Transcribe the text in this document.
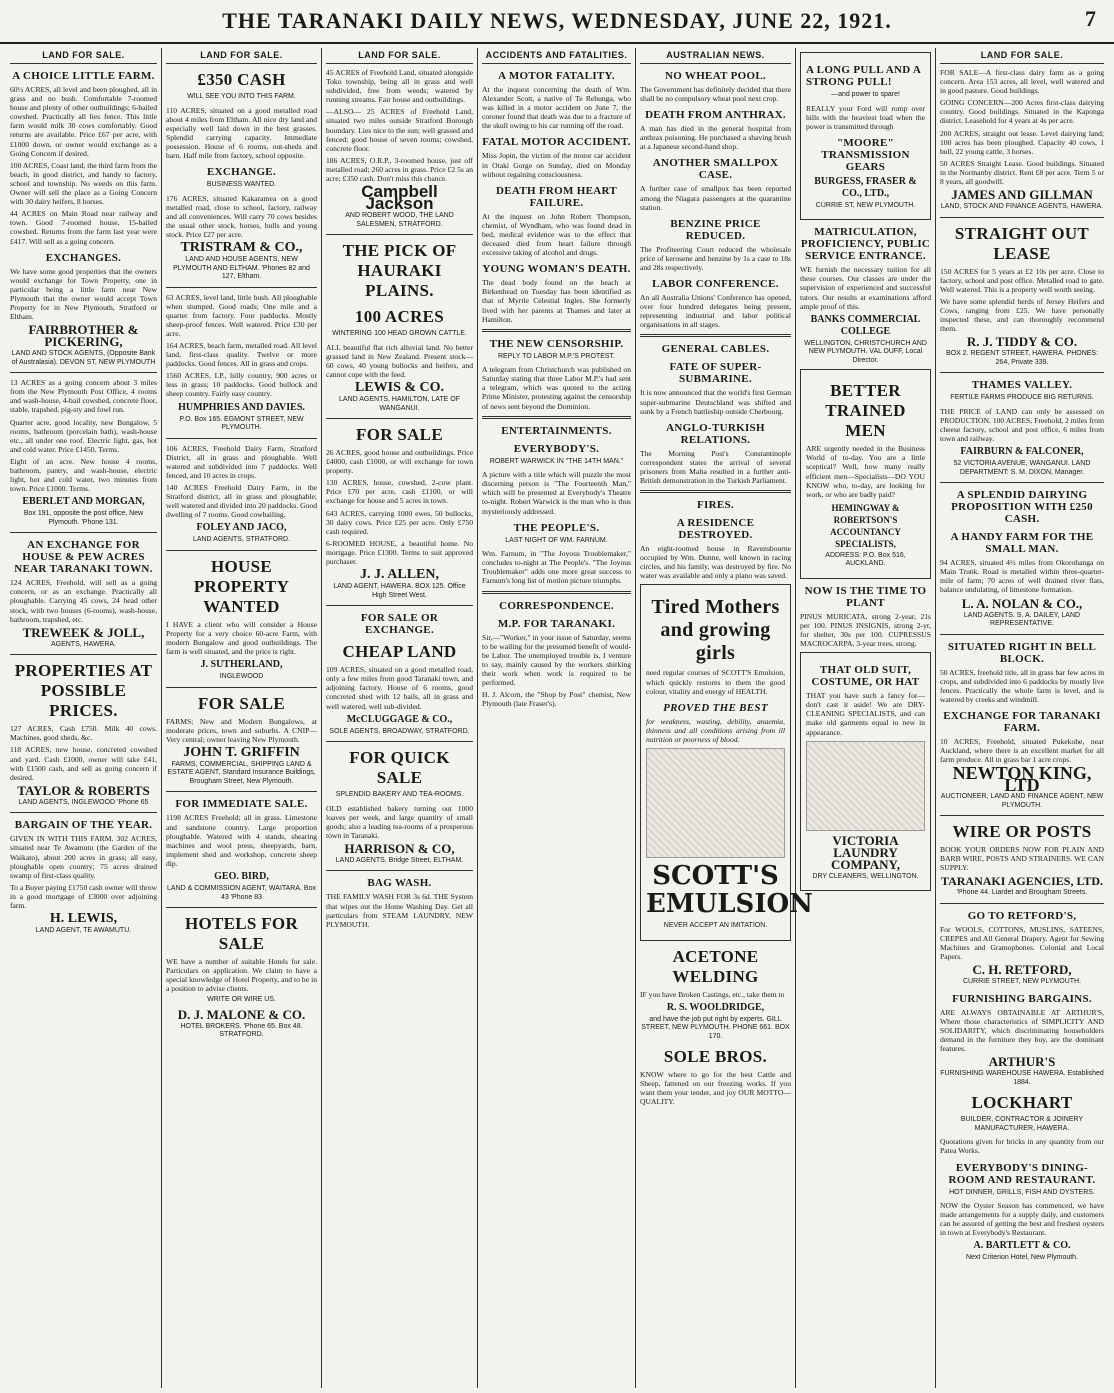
THE TARANAKI DAILY NEWS, WEDNESDAY, JUNE 22, 1921.	7
LAND FOR SALE.
A CHOICE LITTLE FARM.

60½ ACRES, all level and been ploughed, all in grass and no bush. Comfortable 7-roomed house and plenty of other outbuildings; 6-bailed cowshed. Practically all lies fence. This little farm would milk 30 cows comfortably. Good returns are available. Price £67 per acre, with £1000 down, or owner would exchange as a Going Concern if desired.

100 ACRES, Coast land, the third farm from the beach, in good district, and handy to factory, school and township. No weeds on this farm. Owner will sell the place as a Going Concern with 30 dairy heifers, 8 horses.

44 ACRES on Main Road near railway and town. Good 7-roomed house, 15-bailed cowshed. Returns from the farm last year were £417. Will sell as a going concern.

EXCHANGES.

We have some good properties that the owners would exchange for Town Property, one in particular being a little farm near New Plymouth that the owner would accept Town Property for in New Plymouth, Stratford or Eltham.

FAIRBROTHER & PICKERING,
LAND AND STOCK AGENTS, (Opposite Bank of Australasia). DEVON ST, NEW PLYMOUTH

13 ACRES as a going concern about 3 miles from the New Plymouth Post Office, 4 rooms and wash-house, 4-bail cowshed, concrete floor, stable, trapshed, pig-sty and fowl run.

Quarter acre, good locality, new Bungalow, 5 rooms, bathroom (porcelain bath), wash-house etc., all under one roof. Electric light, gas, hot and cold water. Price £1450. Terms.

Eight of an acre. New house 4 rooms, bathroom, pantry, and wash-house, electric light, hot and cold water, two minutes from town. Price £1000. Terms.

EBERLET AND MORGAN,
Box 191, opposite the post office, New Plymouth. 'Phone 131.
AN EXCHANGE FOR HOUSE & PEW ACRES NEAR TARANAKI TOWN.

124 ACRES, Freehold, will sell as a going concern, or as an exchange. Practically all ploughable. Carrying 45 cows, 24 head other stock, with two houses (6-rooms), wash-house, bathroom, trapshed, etc.

TREWEEK & JOLL,
AGENTS, HAWERA.
PROPERTIES AT POSSIBLE PRICES.

127 ACRES, Cash £750. Milk 40 cows. Machines, good sheds, &c.

118 ACRES, new house, concreted cowshed and yard. Cash £1000, owner will take £41, with £1500 cash, and sell as going concern if desired.

TAYLOR & ROBERTS
LAND AGENTS, INGLEWOOD 'Phone 65
BARGAIN OF THE YEAR.

GIVEN IN WITH THIS FARM. 302 ACRES, situated near Te Awamutu (the Garden of the Waikato), about 200 acres in grass; all easy, ploughable open country; 75 acres drained swamp of first-class quality.

To a Buyer paying £1750 cash owner will throw in a good mortgage of £3000 over adjoining farm.

H. LEWIS,
LAND AGENT, TE AWAMUTU.
LAND FOR SALE.
£350 CASH
WILL SEE YOU INTO THIS FARM.

110 ACRES, situated on a good metalled road about 4 miles from Eltham. All nice dry land and especially well laid down in the best grasses. Splendid carrying capacity. Immediate possession. House of 6 rooms, out-sheds and barn. Half mile from factory, school opposite.

EXCHANGE.
BUSINESS WANTED.

176 ACRES, situated Kakaramea on a good metalled road, close to school, factory, railway and all conveniences. Will carry 70 cows besides the usual other stock, horses, bulls and young stock. Price £27 per acre.

TRISTRAM & CO.,
LAND AND HOUSE AGENTS, NEW PLYMOUTH AND ELTHAM. 'Phones 82 and 127, Eltham.

63 ACRES, level land, little bush. All ploughable when stumped. Good roads; One mile and a quarter from factory. Four paddocks. Mostly sheep-proof fences. Well watered. Price £30 per acre.

164 ACRES, beach farm, metalled road. All level land, first-class quality. Twelve or more paddocks. Good fences. All in grass and crops.

1560 ACRES, LP., hilly country, 900 acres or less in grass; 10 paddocks. Good bullock and sheep country. Fairly easy country.

HUMPHRIES AND DAVIES.
P.O. Box 165. EGMONT STREET, NEW PLYMOUTH.

106 ACRES, Freehold Dairy Farm, Stratford District, all in grass and ploughable. Well watered and subdivided into 7 paddocks. Well fenced, and 10 acres in crops.

140 ACRES Freehold Dairy Farm, in the Stratford district, all in grass and ploughable; well watered and divided into 20 paddocks. Good dwelling of 7 rooms. Good cowbailing.

FOLEY AND JACO,
LAND AGENTS, STRATFORD.
HOUSE PROPERTY WANTED

I HAVE a client who will consider a House Property for a very choice 60-acre Farm, with modern Bungalow and good outbuildings. The farm is well situated, and the price is right.

J. SUTHERLAND,
INGLEWOOD
FOR SALE

FARMS; New and Modern Bungalows, at moderate prices, town and suburbs. A CNIP—Very central; owner leaving New Plymouth.

JOHN T. GRIFFIN
FARMS, COMMERCIAL, SHIPPING LAND & ESTATE AGENT, Standard Insurance Buildings, Brougham Street, New Plymouth.
FOR IMMEDIATE SALE.

1198 ACRES Freehold; all in grass. Limestone and sandstone country. Large proportion ploughable. Watered with 4 stands, shearing machines and wool press, sheepyards, barn, implement shed and workshop, concrete sheep dip.

GEO. BIRD,
LAND & COMMISSION AGENT, WAITARA. Box 43 'Phone 83
HOTELS FOR SALE

WE have a number of suitable Hotels for sale. Particulars on application. We claim to have a special knowledge of Hotel Property, and to be in a position to advise clients.

WRITE OR WIRE US.
D. J. MALONE & CO.
HOTEL BROKERS. 'Phone 65. Box 48. STRATFORD.
LAND FOR SALE.

45 ACRES of Freehold Land, situated alongside Toko township, being all in grass and well subdivided, free from weeds; watered by running streams. Fair house and outbuildings.

—ALSO— 25 ACRES of Freehold Land, situated two miles outside Stratford Borough boundary. Lies nice to the sun; well grassed and fenced; good house of seven rooms; cowshed, concrete floor.

186 ACRES, O.R.P., 3-roomed house, just off metalled road; 260 acres in grass. Price £2 5s an acre; £350 cash. Don't miss this chance.

Campbell Jackson
AND ROBERT WOOD, THE LAND SALESMEN, STRATFORD.
THE PICK OF HAURAKI PLAINS.
100 ACRES
WINTERING 100 HEAD GROWN CATTLE.

ALL beautiful flat rich alluvial land. No better grassed land in New Zealand. Present stock—60 cows, 40 young bullocks and heifers, and cannot cope with the feed.

LEWIS & CO.
LAND AGENTS, HAMILTON, LATE OF WANGANUI.
FOR SALE

26 ACRES, good house and outbuildings. Price £4000, cash £1000, or will exchange for town property.

130 ACRES, house, cowshed, 2-cow plant. Price £70 per acre, cash £1100, or will exchange for house and 5 acres in town.

643 ACRES, carrying 1000 ewes, 50 bullocks, 30 dairy cows. Price £25 per acre. Only £750 cash required.

6-ROOMED HOUSE, a beautiful home. No mortgage. Price £1300. Terms to suit approved purchaser.

J. J. ALLEN,
LAND AGENT, HAWERA. BOX 125. Office High Street West.
FOR SALE OR EXCHANGE.
CHEAP LAND

109 ACRES, situated on a good metalled road, only a few miles from good Taranaki town, and adjoining factory. House of 6 rooms, good concreted shed with 12 bails, all in grass and well watered, well sub-divided.

McCLUGGAGE & CO.,
SOLE AGENTS, BROADWAY, STRATFORD.
FOR QUICK SALE
SPLENDID BAKERY AND TEA-ROOMS.

OLD established bakery turning out 1000 loaves per week, and large quantity of small goods; also a leading tea-rooms of a prosperous town in Taranaki.

HARRISON & CO,
LAND AGENTS. Bridge Street, ELTHAM.
BAG WASH.

THE FAMILY WASH FOR 3s 6d. THE System that wipes out the Home Washing Day. Get all particulars from STEAM LAUNDRY, NEW PLYMOUTH.

ACCIDENTS AND FATALITIES.
A MOTOR FATALITY.

At the inquest concerning the death of Wm. Alexander Scott, a native of Te Rehunga, who was killed in a motor accident on June 7, the coroner found that death was due to a fracture of the skull owing to his car running off the road.

FATAL MOTOR ACCIDENT.

Miss Jopin, the victim of the motor car accident in Otaki Gorge on Sunday, died on Monday without regaining consciousness.

DEATH FROM HEART FAILURE.

At the inquest on John Robert Thompson, chemist, of Wyndham, who was found dead in bed, medical evidence was to the effect that deceased died from heart failure through excessive taking of alcohol and drugs.

YOUNG WOMAN'S DEATH.

The dead body found on the beach at Birkenhead on Tuesday has been identified as that of Myrtle Celestial Ingles. She formerly lived with her parents at Thames and later at Hamilton.

THE NEW CENSORSHIP.
REPLY TO LABOR M.P.'S PROTEST.

A telegram from Christchurch was published on Saturday stating that three Labor M.P.'s had sent a telegram, which was quoted to the acting Prime Minister, protesting against the censorship of news sent beyond the Dominion.

ENTERTAINMENTS.
EVERYBODY'S.
ROBERT WARWICK IN "THE 14TH MAN."

A picture with a title which will puzzle the most discerning person is "The Fourteenth Man," which will be presented at Everybody's Theatre to-night. Robert Warwick is the man who is thus mysteriously addressed.

THE PEOPLE'S.
LAST NIGHT OF WM. FARNUM.

Wm. Farnum, in "The Joyous Troublemaker," concludes to-night at The People's. "The Joyous Troublemaker" adds one more great success to Farnum's long list of motion picture triumphs.

CORRESPONDENCE.
M.P. FOR TARANAKI.

Sir,—"Worker," in your issue of Saturday, seems to be wailing for the presumed benefit of would-be Labor. The unemployed trouble is, I venture to say, mainly caused by the workers shirking their work when work is required to be performed.

H. J. Alcorn, the "Shop by Post" chemist, New Plymouth (late Fraser's).

AUSTRALIAN NEWS.
NO WHEAT POOL.

The Government has definitely decided that there shall be no compulsory wheat pool next crop.

DEATH FROM ANTHRAX.

A man has died in the general hospital from anthrax poisoning. He purchased a shaving brush at a Japanese second-hand shop.

ANOTHER SMALLPOX CASE.

A further case of smallpox has been reported among the Niagara passengers at the quarantine station.

BENZINE PRICE REDUCED.

The Profiteering Court reduced the wholesale price of kerosene and benzine by 1s a case to 18s and 28s respectively.

LABOR CONFERENCE.

An all Australia Unions' Conference has opened, over four hundred delegates being present, representing industrial and labor political organisations in all stages.

GENERAL CABLES.
FATE OF SUPER-SUBMARINE.

It is now announced that the world's first German super-submarine Deutschland was shifted and sunk by a French battleship outside Cherbourg.

ANGLO-TURKISH RELATIONS.

The Morning Post's Constantinople correspondent states the arrival of several prisoners from Malta resulted in a further anti-British demonstration in the Turkish Parliament.

FIRES.
A RESIDENCE DESTROYED.

An eight-roomed house in Ravensbourne occupied by Wm. Dunne, well known in racing circles, and his family, was destroyed by fire. No water was available and only a piano was saved.

Tired Mothers and growing girls

need regular courses of SCOTT'S Emulsion, which quickly restores to them the good colour, vitality and energy of HEALTH.

PROVED THE BEST

for weakness, wasting, debility, anaemia, thinness and all conditions arising from ill nutrition or poorness of blood.

SCOTT'S EMULSION
NEVER ACCEPT AN IMITATION.
ACETONE WELDING

IF you have Broken Castings, etc., take them to

R. S. WOOLDRIDGE,
and have the job put right by experts. GILL STREET, NEW PLYMOUTH. PHONE 661. BOX 170.
SOLE BROS.

KNOW where to go for the best Cattle and Sheep, fattened on our freezing works. If you want them your tender, and joy OUR MOTTO—QUALITY.

A LONG PULL AND A STRONG PULL!
—and power to spare!

REALLY your Ford will romp over hills with the heaviest load when the power is transmitted through

"MOORE" TRANSMISSION GEARS
BURGESS, FRASER & CO., LTD.,
CURRIE ST, NEW PLYMOUTH.
MATRICULATION, PROFICIENCY, PUBLIC SERVICE ENTRANCE.

WE furnish the necessary tuition for all these courses. Our classes are under the supervision of experienced and successful tutors. Our results at examinations afford ample proof of this.

BANKS COMMERCIAL COLLEGE
WELLINGTON, CHRISTCHURCH AND NEW PLYMOUTH. VAL DUFF, Local Director.
BETTER TRAINED MEN

ARE urgently needed in the Business World of to-day. You are a little sceptical? Well, how many really efficient men—Specialists—DO YOU KNOW who, to-day, are looking for work, or who are badly paid?

HEMINGWAY & ROBERTSON'S ACCOUNTANCY SPECIALISTS,
ADDRESS: P.O. Box 516, AUCKLAND.
NOW IS THE TIME TO PLANT

PINUS MURICATA, strong 2-year, 21s per 100. PINUS INSIGNIS, strong 2-yr, for shelter, 30s per 100. CUPRESSUS MACROCARPA, 3-year trees, strong.

THAT OLD SUIT, COSTUME, OR HAT

THAT you have such a fancy for—don't cast it aside! We are DRY-CLEANING SPECIALISTS, and can make old garments equal to new in appearance.

VICTORIA LAUNDRY COMPANY,
DRY CLEANERS, WELLINGTON.
LAND FOR SALE.

FOR SALE—A first-class dairy farm as a going concern. Area 153 acres, all level, well watered and in good pasture. Good buildings.

GOING CONCERN—200 Acres first-class dairying country. Good buildings. Situated in the Kaponga district. Leasehold for 4 years at 4s per acre.

200 ACRES, straight out lease. Level dairying land; 100 acres has been ploughed. Capacity 40 cows, 1 bull, 22 young cattle, 3 horses.

50 ACRES Straight Lease. Good buildings. Situated in the Normanby district. Rent £8 per acre. Term 5 or 8 years, all goodwill.

JAMES AND GILLMAN
LAND, STOCK AND FINANCE AGENTS, HAWERA.
STRAIGHT OUT LEASE

150 ACRES for 5 years at £2 10s per acre. Close to factory, school and post office. Metalled road to gate. Well watered. This is a property well worth seeing.

We have some splendid herds of Jersey Heifers and Cows, ranging from £25. We have personally inspected these, and can thoroughly recommend them.

R. J. TIDDY & CO.
BOX 2. REGENT STREET, HAWERA. PHONES: 264, Private 339.
THAMES VALLEY.
FERTILE FARMS PRODUCE BIG RETURNS.

THE PRICE of LAND can only be assessed on PRODUCTION. 100 ACRES, Freehold, 2 miles from cheese factory, school and post office, 6 miles from town and railway.

FAIRBURN & FALCONER,
52 VICTORIA AVENUE, WANGANUI. LAND DEPARTMENT: S. M. DIXON, Manager.
A SPLENDID DAIRYING PROPOSITION WITH £250 CASH.
A HANDY FARM FOR THE SMALL MAN.

94 ACRES, situated 4½ miles from Okorohanga on Main Trunk. Road is metalled within three-quarter-mile of farm; 70 acres of well drained river flats, balance undulating, of limestone formation.

L. A. NOLAN & CO.,
LAND AGENTS. S. A. DAILEY, LAND REPRESENTATIVE.
SITUATED RIGHT IN BELL BLOCK.

50 ACRES, freehold title, all in grass bar few acres in crops, and subdivided into 6 paddocks by mostly live fences. Practically the whole farm is level, and is watered by creeks and windmill.

EXCHANGE FOR TARANAKI FARM.

10 ACRES, Freehold, situated Pukekohe, near Auckland, where there is an excellent market for all farm produce. All in grass bar 1 acre crops.

NEWTON KING, LTD
AUCTIONEER, LAND AND FINANCE AGENT, NEW PLYMOUTH.
WIRE OR POSTS

BOOK YOUR ORDERS NOW FOR PLAIN AND BARB WIRE, POSTS AND STRAINERS. WE CAN SUPPLY.

TARANAKI AGENCIES, LTD.
'Phone 44. Liardet and Brougham Streets.
GO TO RETFORD'S,

For WOOLS, COTTONS, MUSLINS, SATEENS, CREPES and All General Drapery. Agent for Sewing Machines and Gramophones. Colonial and Local Papers.

C. H. RETFORD,
CURRIE STREET, NEW PLYMOUTH.
FURNISHING BARGAINS.

ARE ALWAYS OBTAINABLE AT ARTHUR'S, Where those characteristics of SIMPLICITY AND SOLIDARITY, which discriminating householders demand in the furniture they buy, are the dominant features.

ARTHUR'S
FURNISHING WAREHOUSE HAWERA. Established 1884.
LOCKHART
BUILDER, CONTRACTOR & JOINERY MANUFACTURER, HAWERA.

Quotations given for bricks in any quantity from our Patea Works.

EVERYBODY'S DINING-ROOM AND RESTAURANT.
HOT DINNER, GRILLS, FISH AND OYSTERS.

NOW the Oyster Season has commenced, we have made arrangements for a supply daily, and customers can be assured of getting the best and freshest oysters in town at Everybody's Restaurant.

A. BARTLETT & CO.
Next Criterion Hotel, New Plymouth.
